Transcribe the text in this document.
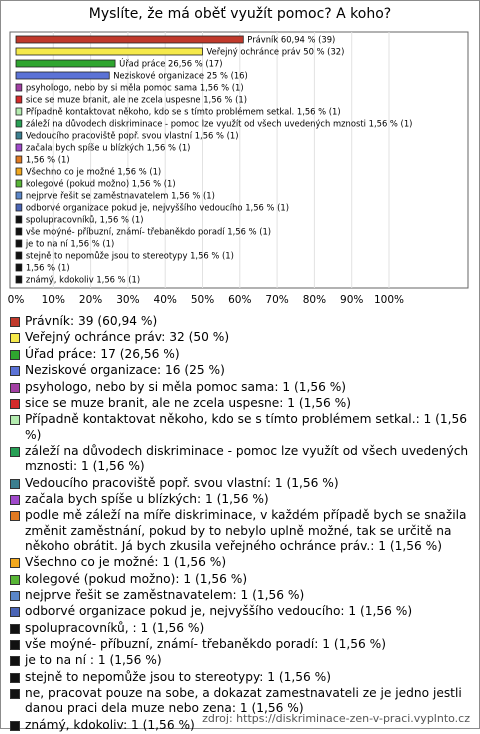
Myslíte, že má oběť využít pomoc? A koho?
Právník 60,94 % (39)
Veřejný ochránce práv 50 % (32)
Úřad práce 26,56 % (17)
Neziskové organizace 25 % (16)
psyhologo, nebo by si měla pomoc sama 1,56 % (1)
sice se muze branit, ale ne zcela uspesne 1,56 % (1)
Případně kontaktovat někoho, kdo se s tímto problémem setkal. 1,56 % (1)
záleží na důvodech diskriminace - pomoc lze využít od všech uvedených mznosti 1,56 % (1)
Vedoucího pracoviště popř. svou vlastní 1,56 % (1)
začala bych spíše u blízkých 1,56 % (1)
1,56 % (1)
Všechno co je možné 1,56 % (1)
kolegové (pokud možno) 1,56 % (1)
nejprve řešit se zaměstnavatelem 1,56 % (1)
odborvé organizace pokud je, nejvyššího vedoucího 1,56 % (1)
spolupracovníků, 1,56 % (1)
vše moýné- příbuzní, známí- třebaněkdo poradí 1,56 % (1)
je to na ní 1,56 % (1)
stejně to nepomůže jsou to stereotypy 1,56 % (1)
1,56 % (1)
známý, kdokoliv 1,56 % (1)
0% 10% 20% 30% 40% 50% 60% 70% 80% 90% 100%
Právník: 39 (60,94 %)
Veřejný ochránce práv: 32 (50 %)
Úřad práce: 17 (26,56 %)
Neziskové organizace: 16 (25 %)
psyhologo, nebo by si měla pomoc sama: 1 (1,56 %)
sice se muze branit, ale ne zcela uspesne: 1 (1,56 %)
Případně kontaktovat někoho, kdo se s tímto problémem setkal.: 1 (1,56 %)
záleží na důvodech diskriminace - pomoc lze využít od všech uvedených mznosti: 1 (1,56 %)
Vedoucího pracoviště popř. svou vlastní: 1 (1,56 %)
začala bych spíše u blízkých: 1 (1,56 %)
podle mě záleží na míře diskriminace, v každém případě bych se snažila změnit zaměstnání, pokud by to nebylo uplně možné, tak se určitě na někoho obrátit. Já bych zkusila veřejného ochránce práv.: 1 (1,56 %)
Všechno co je možné: 1 (1,56 %)
kolegové (pokud možno): 1 (1,56 %)
nejprve řešit se zaměstnavatelem: 1 (1,56 %)
odborvé organizace pokud je, nejvyššího vedoucího: 1 (1,56 %)
spolupracovníků, : 1 (1,56 %)
vše moýné- příbuzní, známí- třebaněkdo poradí: 1 (1,56 %)
je to na ní : 1 (1,56 %)
stejně to nepomůže jsou to stereotypy: 1 (1,56 %)
ne, pracovat pouze na sobe, a dokazat zamestnavateli ze je jedno jestli danou praci dela muze nebo zena: 1 (1,56 %)
známý, kdokoliv: 1 (1,56 %) zdroj: https://diskriminace-zen-v-praci.vyplnto.cz
